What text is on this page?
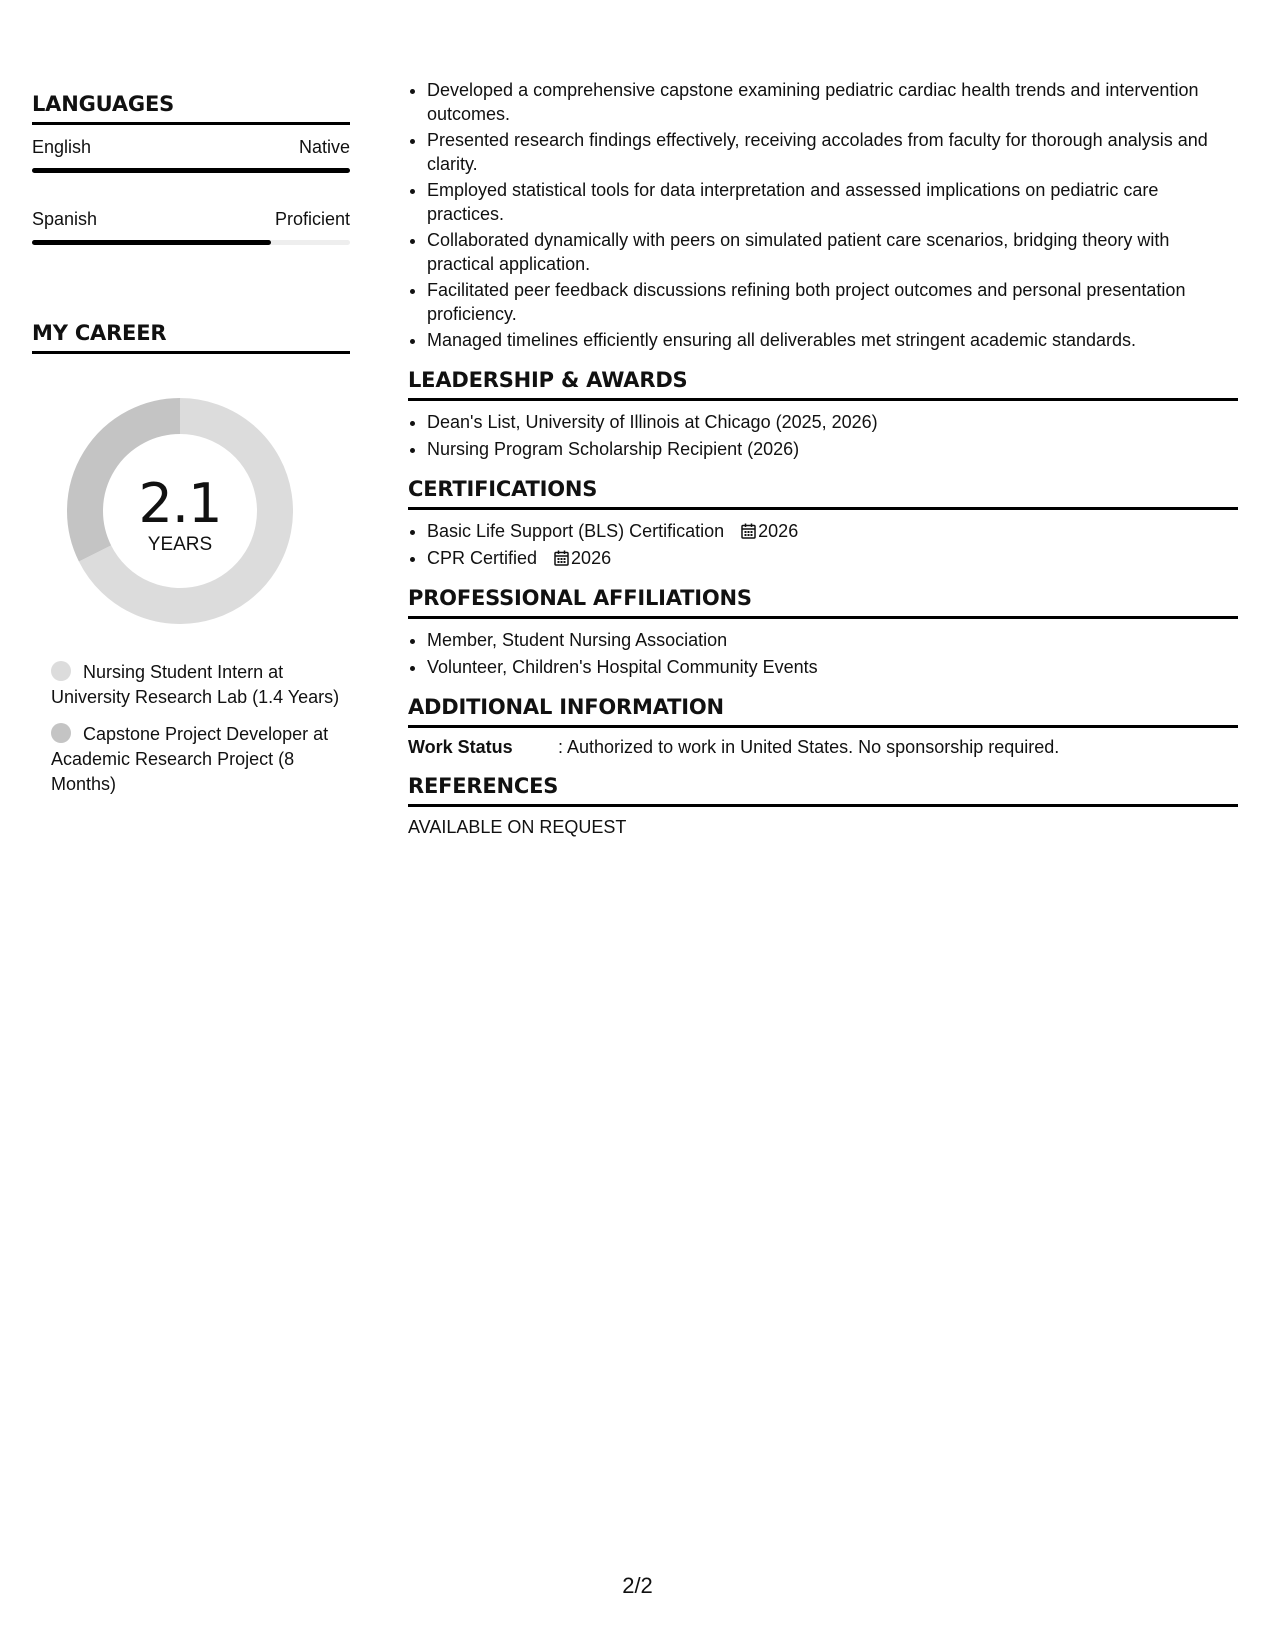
LANGUAGES
English	Native
Spanish	Proficient
MY CAREER
2.1
YEARS
Nursing Student Intern at University Research Lab (1.4 Years)
Capstone Project Developer at Academic Research Project (8 Months)
• Developed a comprehensive capstone examining pediatric cardiac health trends and intervention outcomes.
• Presented research findings effectively, receiving accolades from faculty for thorough analysis and clarity.
• Employed statistical tools for data interpretation and assessed implications on pediatric care practices.
• Collaborated dynamically with peers on simulated patient care scenarios, bridging theory with practical application.
• Facilitated peer feedback discussions refining both project outcomes and personal presentation proficiency.
• Managed timelines efficiently ensuring all deliverables met stringent academic standards.
LEADERSHIP & AWARDS
• Dean's List, University of Illinois at Chicago (2025, 2026)
• Nursing Program Scholarship Recipient (2026)
CERTIFICATIONS
• Basic Life Support (BLS) Certification 2026
• CPR Certified 2026
PROFESSIONAL AFFILIATIONS
• Member, Student Nursing Association
• Volunteer, Children's Hospital Community Events
ADDITIONAL INFORMATION
Work Status	: Authorized to work in United States. No sponsorship required.
REFERENCES
AVAILABLE ON REQUEST
2/2
